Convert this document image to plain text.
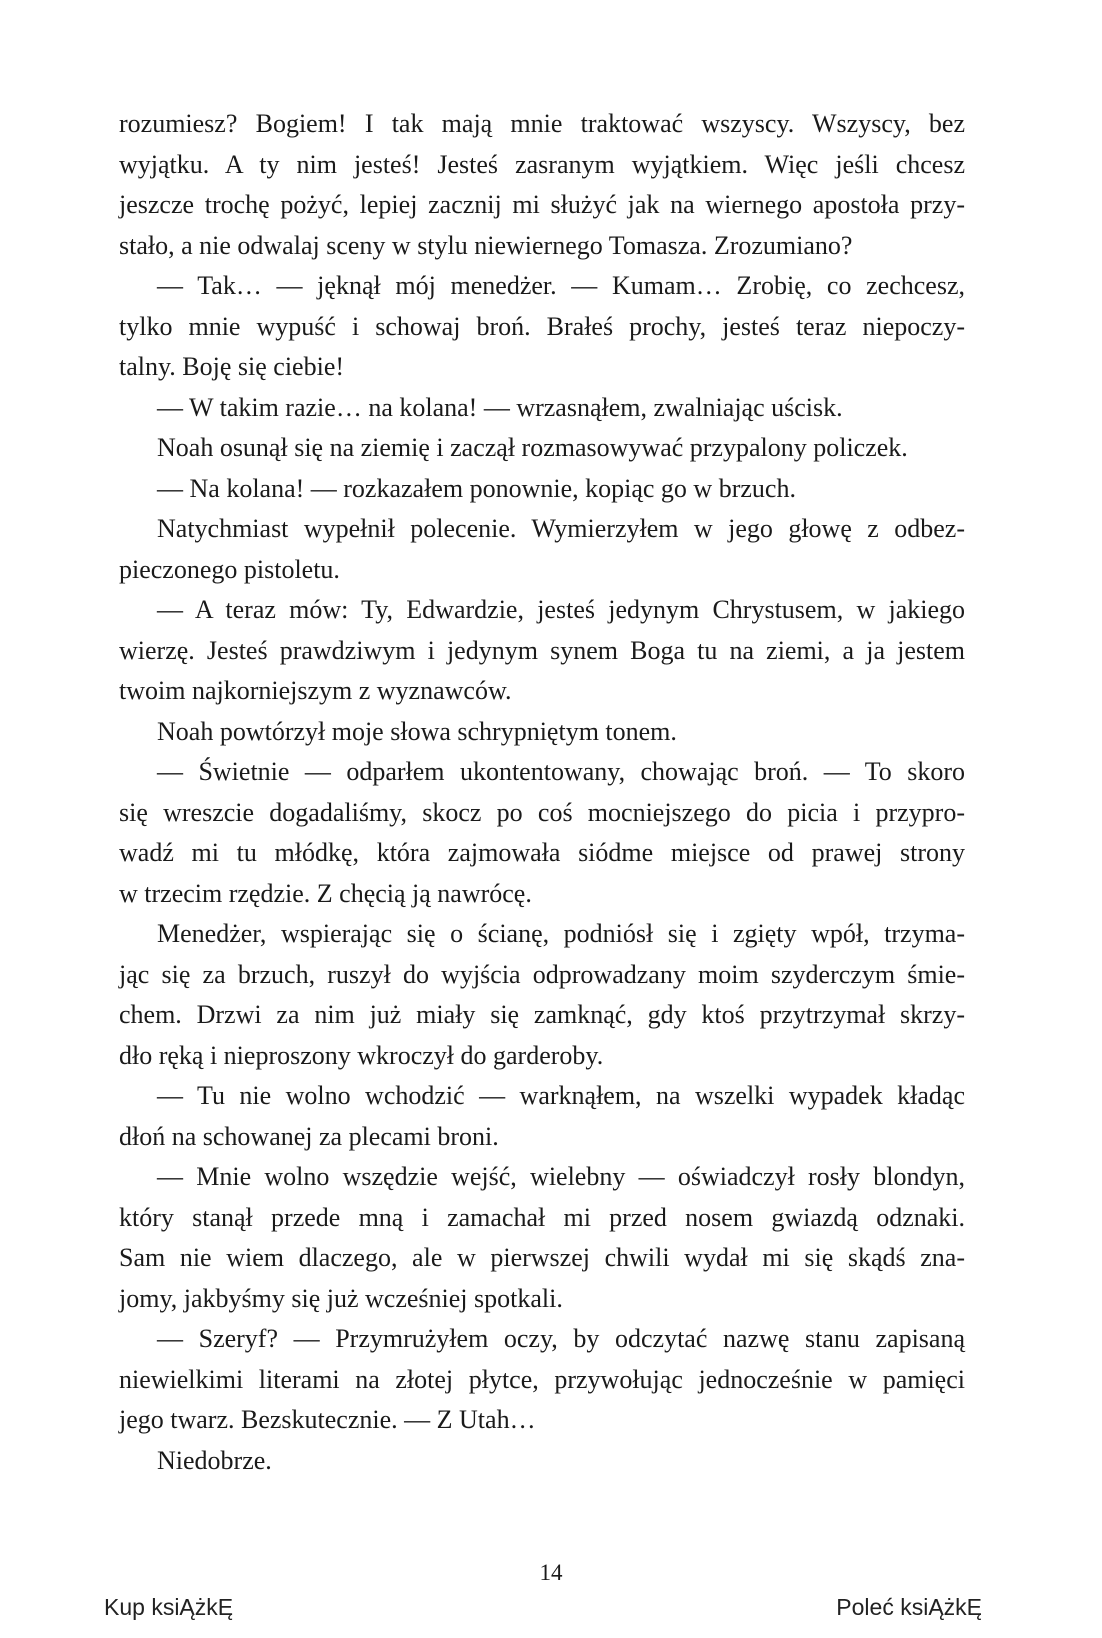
rozumiesz? Bogiem! I tak mają mnie traktować wszyscy. Wszyscy, bez
wyjątku. A ty nim jesteś! Jesteś zasranym wyjątkiem. Więc jeśli chcesz
jeszcze trochę pożyć, lepiej zacznij mi służyć jak na wiernego apostoła przy-
stało, a nie odwalaj sceny w stylu niewiernego Tomasza. Zrozumiano?
— Tak… — jęknął mój menedżer. — Kumam… Zrobię, co zechcesz,
tylko mnie wypuść i schowaj broń. Brałeś prochy, jesteś teraz niepoczy-
talny. Boję się ciebie!
— W takim razie… na kolana! — wrzasnąłem, zwalniając uścisk.
Noah osunął się na ziemię i zaczął rozmasowywać przypalony policzek.
— Na kolana! — rozkazałem ponownie, kopiąc go w brzuch.
Natychmiast wypełnił polecenie. Wymierzyłem w jego głowę z odbez-
pieczonego pistoletu.
— A teraz mów: Ty, Edwardzie, jesteś jedynym Chrystusem, w jakiego
wierzę. Jesteś prawdziwym i jedynym synem Boga tu na ziemi, a ja jestem
twoim najkorniejszym z wyznawców.
Noah powtórzył moje słowa schrypniętym tonem.
— Świetnie — odparłem ukontentowany, chowając broń. — To skoro
się wreszcie dogadaliśmy, skocz po coś mocniejszego do picia i przypro-
wadź mi tu młódkę, która zajmowała siódme miejsce od prawej strony
w trzecim rzędzie. Z chęcią ją nawrócę.
Menedżer, wspierając się o ścianę, podniósł się i zgięty wpół, trzyma-
jąc się za brzuch, ruszył do wyjścia odprowadzany moim szyderczym śmie-
chem. Drzwi za nim już miały się zamknąć, gdy ktoś przytrzymał skrzy-
dło ręką i nieproszony wkroczył do garderoby.
— Tu nie wolno wchodzić — warknąłem, na wszelki wypadek kładąc
dłoń na schowanej za plecami broni.
— Mnie wolno wszędzie wejść, wielebny — oświadczył rosły blondyn,
który stanął przede mną i zamachał mi przed nosem gwiazdą odznaki.
Sam nie wiem dlaczego, ale w pierwszej chwili wydał mi się skądś zna-
jomy, jakbyśmy się już wcześniej spotkali.
— Szeryf? — Przymrużyłem oczy, by odczytać nazwę stanu zapisaną
niewielkimi literami na złotej płytce, przywołując jednocześnie w pamięci
jego twarz. Bezskutecznie. — Z Utah…
Niedobrze.
14
Kup ksiĄżkĘ	Poleć ksiĄżkĘ
